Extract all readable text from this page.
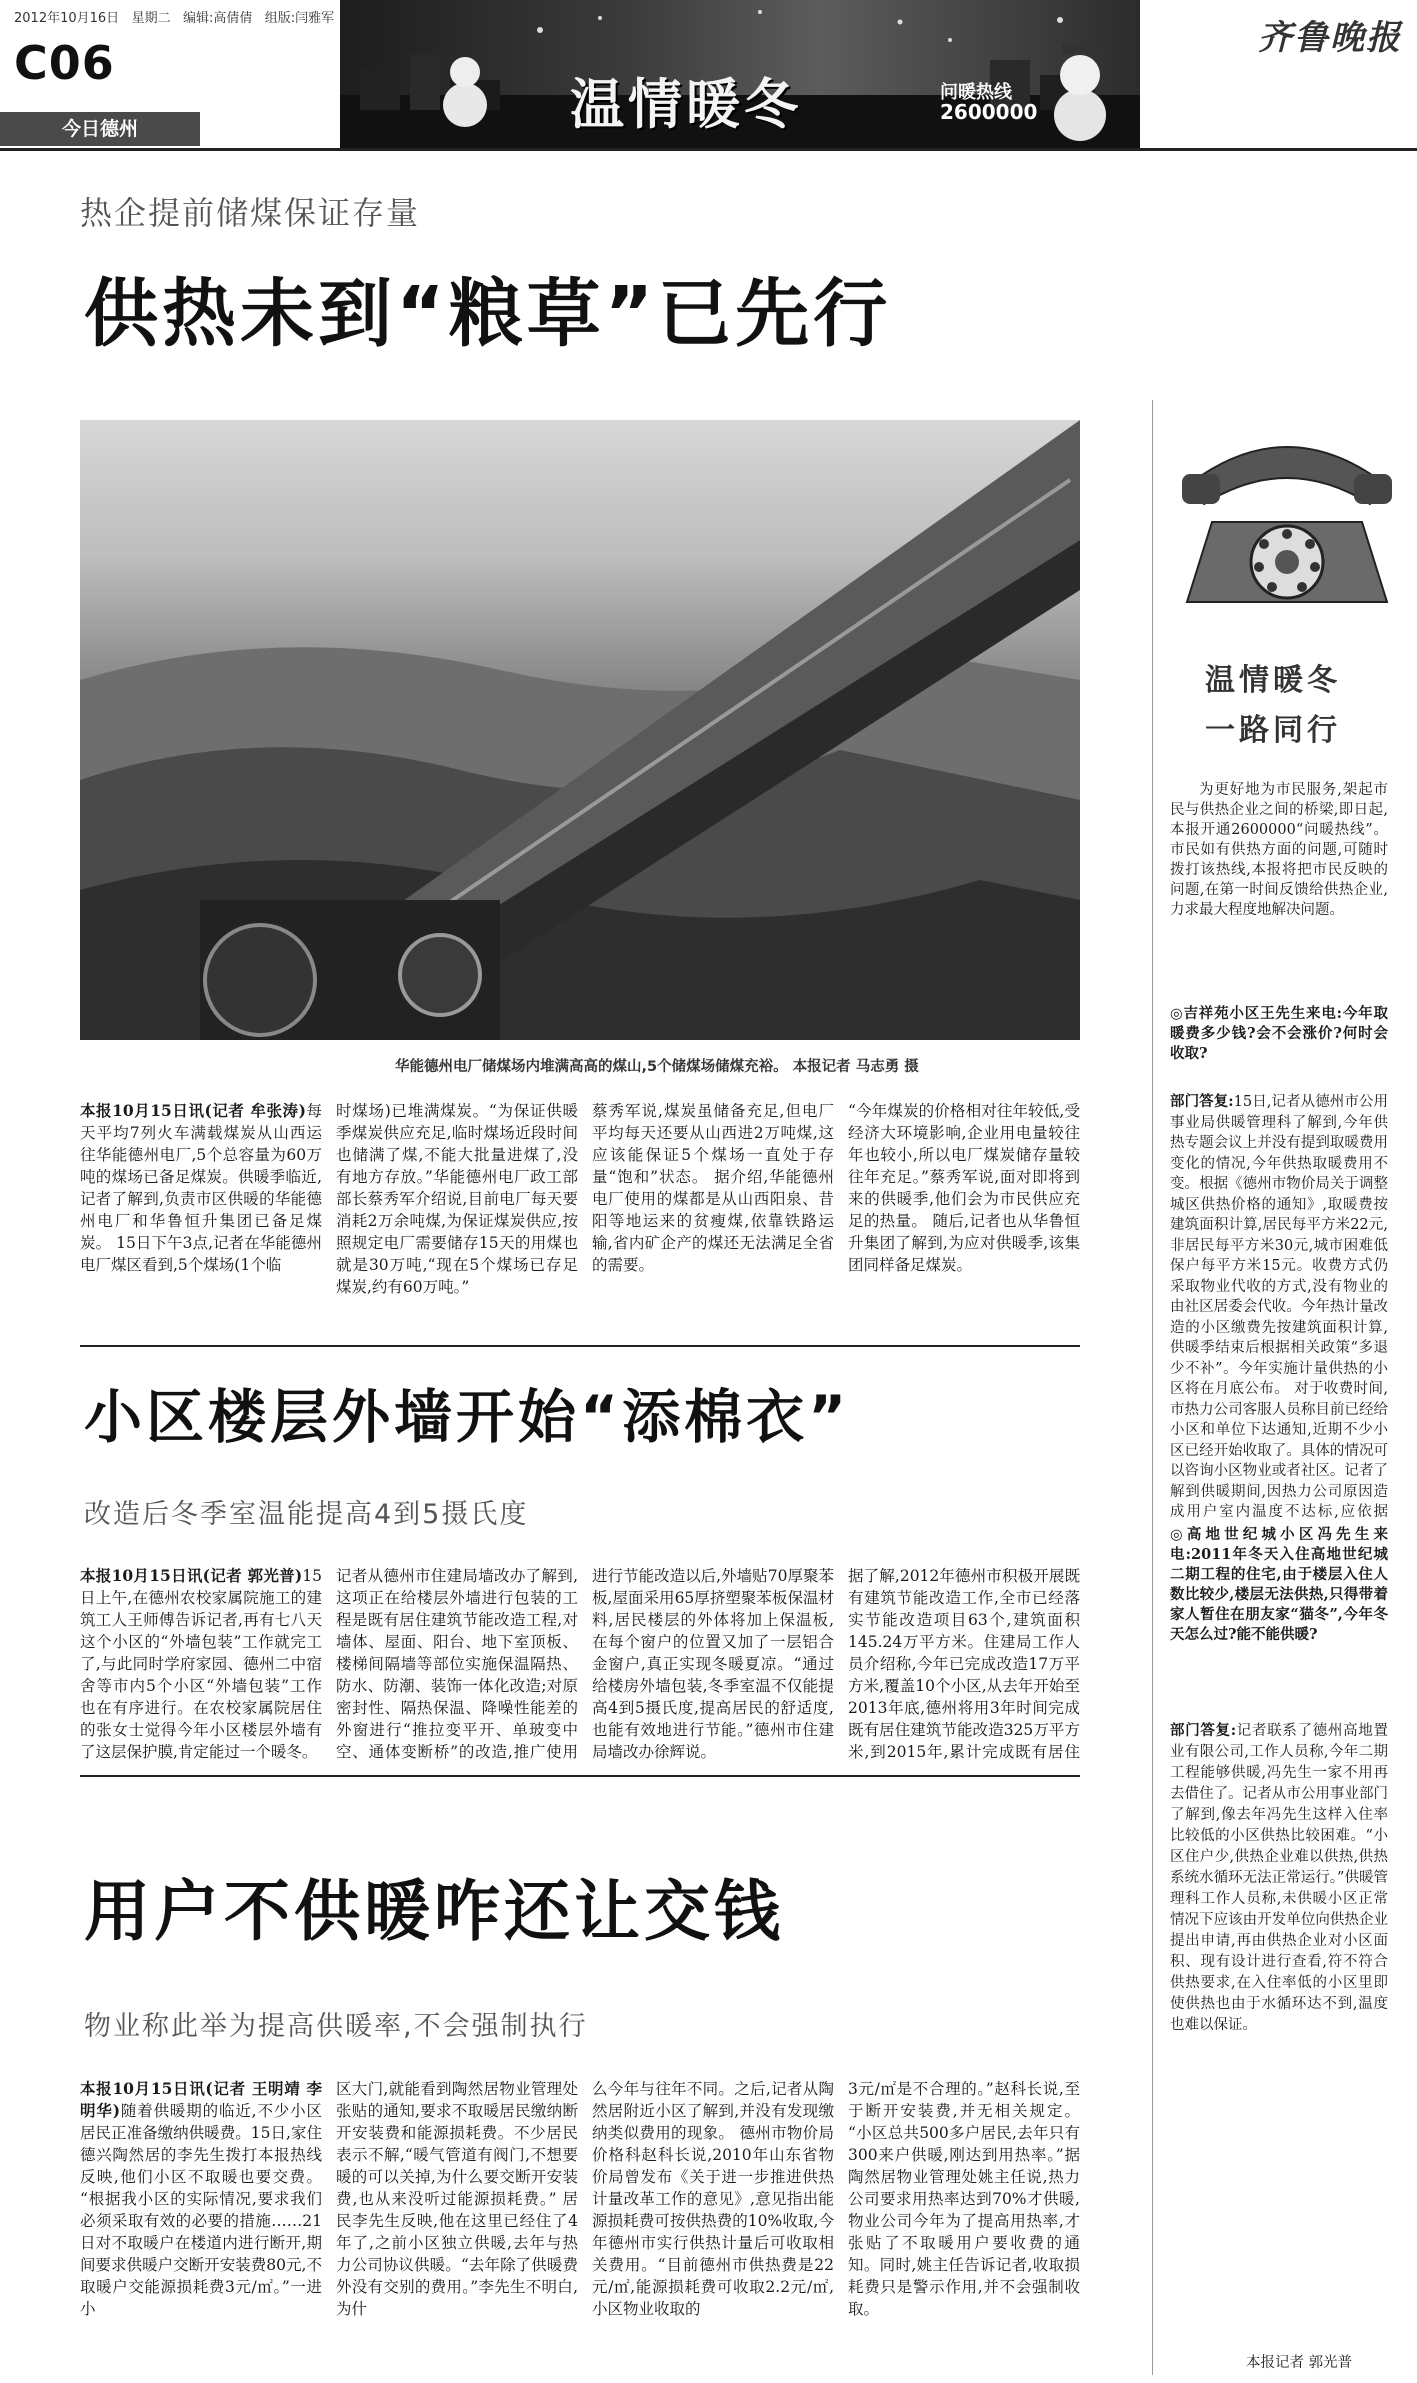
2012年10月16日 星期二 编辑:高倩倩 组版:闫雅军
C06
今日德州	温情暖冬	问暖热线
2600000
齐鲁晚报
热企提前储煤保证存量
供热未到“粮草”已先行
华能德州电厂储煤场内堆满高高的煤山,5个储煤场储煤充裕。 本报记者 马志勇 摄
本报10月15日讯(记者 牟张涛)每天平均7列火车满载煤炭从山西运往华能德州电厂,5个总容量为60万吨的煤场已备足煤炭。供暖季临近,记者了解到,负责市区供暖的华能德州电厂和华鲁恒升集团已备足煤炭。 15日下午3点,记者在华能德州电厂煤区看到,5个煤场(1个临
时煤场)已堆满煤炭。“为保证供暖季煤炭供应充足,临时煤场近段时间也储满了煤,不能大批量进煤了,没有地方存放。”华能德州电厂政工部部长蔡秀军介绍说,目前电厂每天要消耗2万余吨煤,为保证煤炭供应,按照规定电厂需要储存15天的用煤也就是30万吨,“现在5个煤场已存足煤炭,约有60万吨。”
蔡秀军说,煤炭虽储备充足,但电厂平均每天还要从山西进2万吨煤,这应该能保证5个煤场一直处于存量“饱和”状态。 据介绍,华能德州电厂使用的煤都是从山西阳泉、昔阳等地运来的贫瘦煤,依靠铁路运输,省内矿企产的煤还无法满足全省的需要。
“今年煤炭的价格相对往年较低,受经济大环境影响,企业用电量较往年也较小,所以电厂煤炭储存量较往年充足。”蔡秀军说,面对即将到来的供暖季,他们会为市民供应充足的热量。 随后,记者也从华鲁恒升集团了解到,为应对供暖季,该集团同样备足煤炭。
小区楼层外墙开始“添棉衣”
改造后冬季室温能提高4到5摄氏度
本报10月15日讯(记者 郭光普)15日上午,在德州农校家属院施工的建筑工人王师傅告诉记者,再有七八天这个小区的“外墙包装”工作就完工了,与此同时学府家园、德州二中宿舍等市内5个小区“外墙包装”工作也在有序进行。在农校家属院居住的张女士觉得今年小区楼层外墙有了这层保护膜,肯定能过一个暖冬。
记者从德州市住建局墙改办了解到,这项正在给楼层外墙进行包装的工程是既有居住建筑节能改造工程,对墙体、屋面、阳台、地下室顶板、楼梯间隔墙等部位实施保温隔热、防水、防潮、装饰一体化改造;对原密封性、隔热保温、降噪性能差的外窗进行“推拉变平开、单玻变中空、通体变断桥”的改造,推广使用
进行节能改造以后,外墙贴70厚聚苯板,屋面采用65厚挤塑聚苯板保温材料,居民楼层的外体将加上保温板,在每个窗户的位置又加了一层铝合金窗户,真正实现冬暖夏凉。“通过给楼房外墙包装,冬季室温不仅能提高4到5摄氏度,提高居民的舒适度,也能有效地进行节能。”德州市住建局墙改办徐辉说。
据了解,2012年德州市积极开展既有建筑节能改造工作,全市已经落实节能改造项目63个,建筑面积145.24万平方米。住建局工作人员介绍称,今年已完成改造17万平方米,覆盖10个小区,从去年开始至2013年底,德州将用3年时间完成既有居住建筑节能改造325万平方米,到2015年,累计完成既有居住
用户不供暖咋还让交钱
物业称此举为提高供暖率,不会强制执行
本报10月15日讯(记者 王明靖 李明华)随着供暖期的临近,不少小区居民正准备缴纳供暖费。15日,家住德兴陶然居的李先生拨打本报热线反映,他们小区不取暖也要交费。 “根据我小区的实际情况,要求我们必须采取有效的必要的措施……21日对不取暖户在楼道内进行断开,期间要求供暖户交断开安装费80元,不取暖户交能源损耗费3元/㎡。”一进小
区大门,就能看到陶然居物业管理处张贴的通知,要求不取暖居民缴纳断开安装费和能源损耗费。不少居民表示不解,“暖气管道有阀门,不想要暖的可以关掉,为什么要交断开安装费,也从来没听过能源损耗费。” 居民李先生反映,他在这里已经住了4年了,之前小区独立供暖,去年与热力公司协议供暖。“去年除了供暖费外没有交别的费用。”李先生不明白,为什
么今年与往年不同。之后,记者从陶然居附近小区了解到,并没有发现缴纳类似费用的现象。 德州市物价局价格科赵科长说,2010年山东省物价局曾发布《关于进一步推进供热计量改革工作的意见》,意见指出能源损耗费可按供热费的10%收取,今年德州市实行供热计量后可收取相关费用。“目前德州市供热费是22元/㎡,能源损耗费可收取2.2元/㎡,小区物业收取的
3元/㎡是不合理的。”赵科长说,至于断开安装费,并无相关规定。 “小区总共500多户居民,去年只有300来户供暖,刚达到用热率。”据陶然居物业管理处姚主任说,热力公司要求用热率达到70%才供暖,物业公司今年为了提高用热率,才张贴了不取暖用户要收费的通知。同时,姚主任告诉记者,收取损耗费只是警示作用,并不会强制收取。
温情暖冬
一路同行
为更好地为市民服务,架起市民与供热企业之间的桥梁,即日起,本报开通2600000“问暖热线”。市民如有供热方面的问题,可随时拨打该热线,本报将把市民反映的问题,在第一时间反馈给供热企业,力求最大程度地解决问题。
◎吉祥苑小区王先生来电:今年取暖费多少钱?会不会涨价?何时会收取?
部门答复:15日,记者从德州市公用事业局供暖管理科了解到,今年供热专题会议上并没有提到取暖费用变化的情况,今年供热取暖费用不变。根据《德州市物价局关于调整城区供热价格的通知》,取暖费按建筑面积计算,居民每平方米22元,非居民每平方米30元,城市困难低保户每平方米15元。收费方式仍采取物业代收的方式,没有物业的由社区居委会代收。今年热计量改造的小区缴费先按建筑面积计算,供暖季结束后根据相关政策“多退少不补”。今年实施计量供热的小区将在月底公布。 对于收费时间,市热力公司客服人员称目前已经给小区和单位下达通知,近期不少小区已经开始收取了。具体的情况可以咨询小区物业或者社区。记者了解到供暖期间,因热力公司原因造成用户室内温度不达标,应依据
◎高地世纪城小区冯先生来电:2011年冬天入住高地世纪城二期工程的住宅,由于楼层入住人数比较少,楼层无法供热,只得带着家人暂住在朋友家“猫冬”,今年冬天怎么过?能不能供暖?
部门答复:记者联系了德州高地置业有限公司,工作人员称,今年二期工程能够供暖,冯先生一家不用再去借住了。记者从市公用事业部门了解到,像去年冯先生这样入住率比较低的小区供热比较困难。“小区住户少,供热企业难以供热,供热系统水循环无法正常运行。”供暖管理科工作人员称,未供暖小区正常情况下应该由开发单位向供热企业提出申请,再由供热企业对小区面积、现有设计进行查看,符不符合供热要求,在入住率低的小区里即使供热也由于水循环达不到,温度也难以保证。
本报记者 郭光普
